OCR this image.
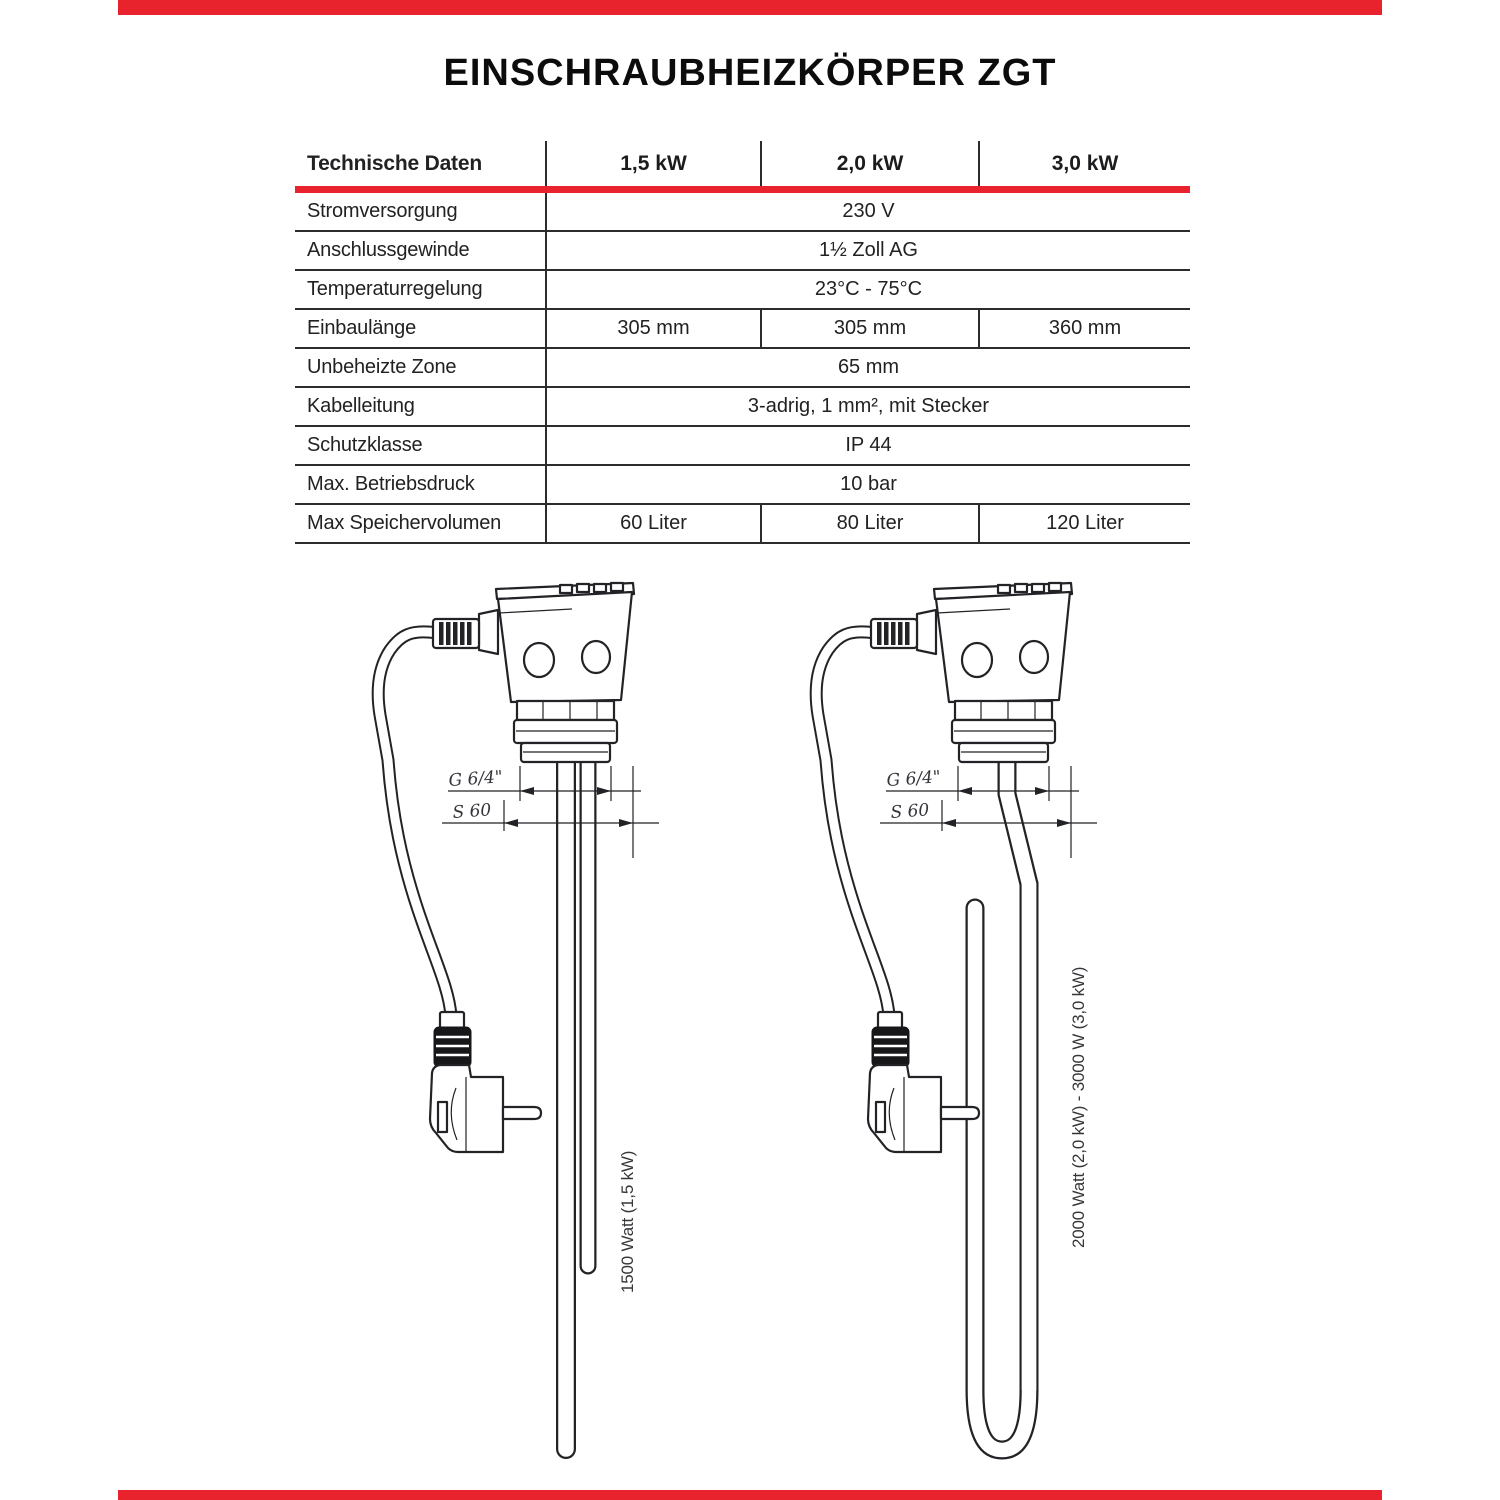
EINSCHRAUBHEIZKÖRPER ZGT
Technische Daten	1,5 kW	2,0 kW	3,0 kW
Stromversorgung	230 V
Anschlussgewinde	1½ Zoll AG
Temperaturregelung	23°C - 75°C
Einbaulänge	305 mm	305 mm	360 mm
Unbeheizte Zone	65 mm
Kabelleitung	3-adrig, 1 mm², mit Stecker
Schutzklasse	IP 44
Max. Betriebsdruck	10 bar
Max Speichervolumen	60 Liter	80 Liter	120 Liter
1500 Watt (1,5 kW)	2000 Watt (2,0 kW) - 3000 W (3,0 kW)
